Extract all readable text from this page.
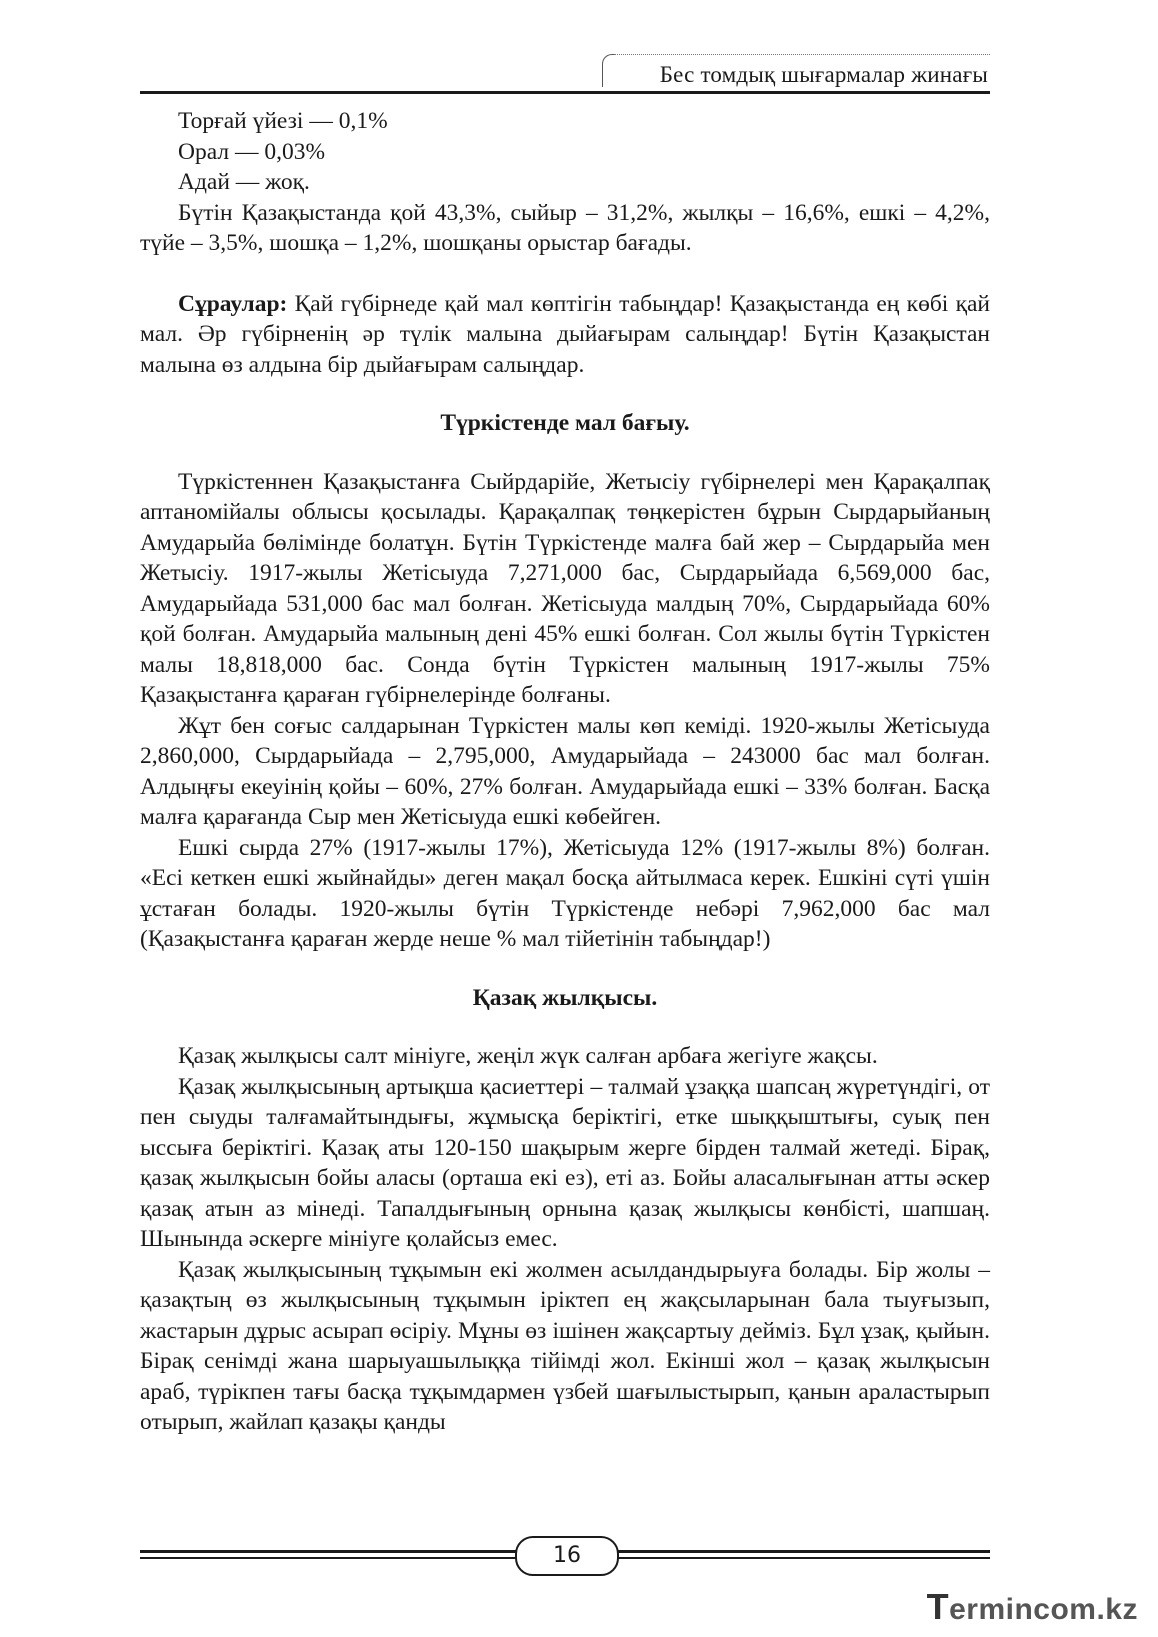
Бес томдық шығармалар жинағы

Торғай үйезі — 0,1%

Орал — 0,03%

Адай — жоқ.

Бүтін Қазақыстанда қой 43,3%, сыйыр – 31,2%, жылқы – 16,6%, ешкі – 4,2%, түйе – 3,5%, шошқа – 1,2%, шошқаны орыстар бағады.

Сұраулар: Қай гүбірнеде қай мал көптігін табыңдар! Қазақыстанда ең көбі қай мал. Әр гүбірненің әр түлік малына дыйағырам салыңдар! Бүтін Қазақыстан малына өз алдына бір дыйағырам салыңдар.

Түркістенде мал бағыу.

Түркістеннен Қазақыстанға Сыйрдарійе, Жетысіу гүбірнелері мен Қарақалпақ аптаномійалы облысы қосылады. Қарақалпақ төңкерістен бұрын Сырдарыйаның Амударыйа бөлімінде болатұн. Бүтін Түркістенде малға бай жер – Сырдарыйа мен Жетысіу. 1917-жылы Жетісыуда 7,271,000 бас, Сырдарыйада 6,569,000 бас, Амударыйада 531,000 бас мал болған. Жетісыуда малдың 70%, Сырдарыйада 60% қой болған. Амударыйа малының дені 45% ешкі болған. Сол жылы бүтін Түркістен малы 18,818,000 бас. Сонда бүтін Түркістен малының 1917-жылы 75% Қазақыстанға қараған гүбірнелерінде болғаны.

Жұт бен соғыс салдарынан Түркістен малы көп кеміді. 1920-жылы Жетісыуда 2,860,000, Сырдарыйада – 2,795,000, Амударыйада – 243000 бас мал болған. Алдыңғы екеуінің қойы – 60%, 27% болған. Амударыйада ешкі – 33% болған. Басқа малға қарағанда Сыр мен Жетісыуда ешкі көбейген.

Ешкі сырда 27% (1917-жылы 17%), Жетісыуда 12% (1917-жылы 8%) болған. «Есі кеткен ешкі жыйнайды» деген мақал босқа айтылмаса керек. Ешкіні сүті үшін ұстаған болады. 1920-жылы бүтін Түркістенде небәрі 7,962,000 бас мал (Қазақыстанға қараған жерде неше % мал тійетінін табыңдар!)

Қазақ жылқысы.

Қазақ жылқысы салт мініуге, жеңіл жүк салған арбаға жегіуге жақсы.

Қазақ жылқысының артықша қасиеттері – талмай ұзаққа шапсаң жүретүндігі, от пен сыуды талғамайтындығы, жұмысқа беріктігі, етке шыққыштығы, суық пен ыссыға беріктігі. Қазақ аты 120-150 шақырым жерге бірден талмай жетеді. Бірақ, қазақ жылқысын бойы аласы (орташа екі ез), еті аз. Бойы аласалығынан атты әскер қазақ атын аз мінеді. Тапалдығының орнына қазақ жылқысы көнбісті, шапшаң. Шынында әскерге мініуге қолайсыз емес.

Қазақ жылқысының тұқымын екі жолмен асылдандырыуға болады. Бір жолы – қазақтың өз жылқысының тұқымын іріктеп ең жақсыларынан бала тыуғызып, жастарын дұрыс асырап өсіріу. Мұны өз ішінен жақсартыу дейміз. Бұл ұзақ, қыйын. Бірақ сенімді жана шарыуашылыққа тійімді жол. Екінші жол – қазақ жылқысын араб, түрікпен тағы басқа тұқымдармен үзбей шағылыстырып, қанын араластырып отырып, жайлап қазақы қанды

16
Termincom.kz
